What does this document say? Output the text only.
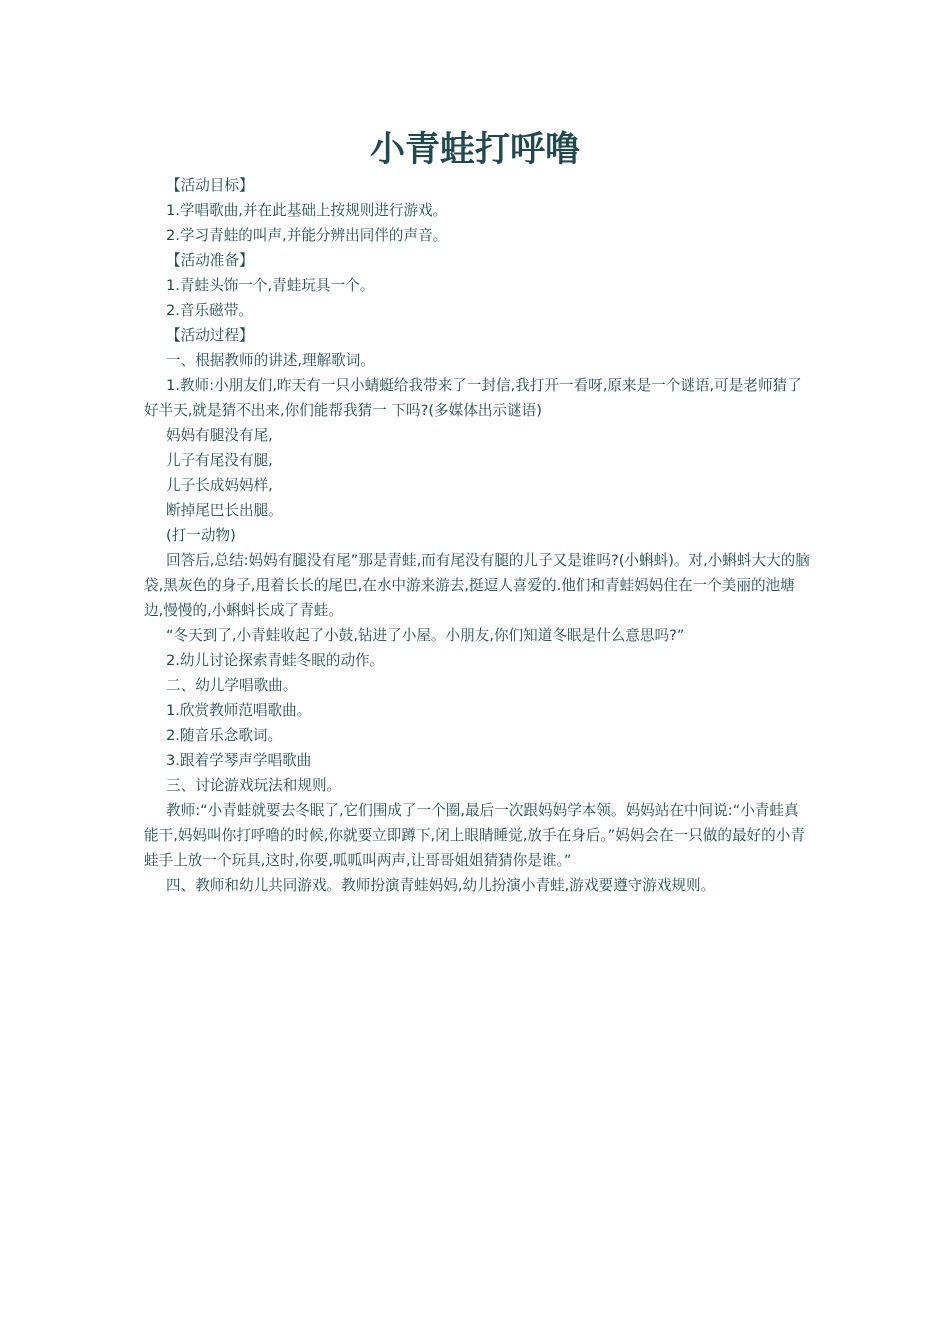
小青蛙打呼噜

【活动目标】

1.学唱歌曲,并在此基础上按规则进行游戏。

2.学习青蛙的叫声,并能分辨出同伴的声音。

【活动准备】

1.青蛙头饰一个,青蛙玩具一个。

2.音乐磁带。

【活动过程】

一、根据教师的讲述,理解歌词。

1.教师:小朋友们,昨天有一只小蜻蜓给我带来了一封信,我打开一看呀,原来是一个谜语,可是老师猜了好半天,就是猜不出来,你们能帮我猜一 下吗?(多媒体出示谜语)

妈妈有腿没有尾,

儿子有尾没有腿,

儿子长成妈妈样,

断掉尾巴长出腿。

(打一动物)

回答后,总结:妈妈有腿没有尾”那是青蛙,而有尾没有腿的儿子又是谁吗?(小蝌蚪)。对,小蝌蚪大大的脑袋,黑灰色的身子,甩着长长的尾巴,在水中游来游去,挺逗人喜爱的.他们和青蛙妈妈住在一个美丽的池塘边,慢慢的,小蝌蚪长成了青蛙。

“冬天到了,小青蛙收起了小鼓,钻进了小屋。小朋友,你们知道冬眠是什么意思吗?”

2.幼儿讨论探索青蛙冬眠的动作。

二、幼儿学唱歌曲。

1.欣赏教师范唱歌曲。

2.随音乐念歌词。

3.跟着学琴声学唱歌曲

三、讨论游戏玩法和规则。

教师:“小青蛙就要去冬眠了,它们围成了一个圈,最后一次跟妈妈学本领。妈妈站在中间说:“小青蛙真能干,妈妈叫你打呼噜的时候,你就要立即蹲下,闭上眼睛睡觉,放手在身后。”妈妈会在一只做的最好的小青蛙手上放一个玩具,这时,你要,呱呱叫两声,让哥哥姐姐猜猜你是谁。”

四、教师和幼儿共同游戏。教师扮演青蛙妈妈,幼儿扮演小青蛙,游戏要遵守游戏规则。
